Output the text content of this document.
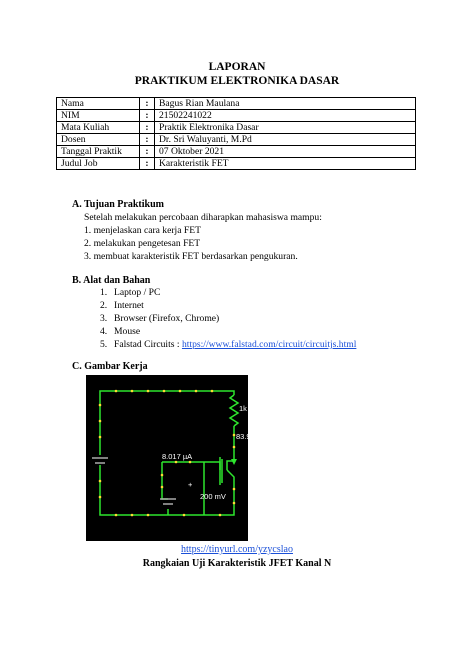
LAPORAN
PRAKTIKUM ELEKTRONIKA DASAR
Nama	:	Bagus Rian Maulana
NIM	:	21502241022
Mata Kuliah	:	Praktik Elektronika Dasar
Dosen	:	Dr. Sri Waluyanti, M.Pd
Tanggal Praktik	:	07 Oktober 2021
Judul Job	:	Karakteristik FET
A. Tujuan Praktikum
Setelah melakukan percobaan diharapkan mahasiswa mampu:
1. menjelaskan cara kerja FET
2. melakukan pengetesan FET
3. membuat karakteristik FET berdasarkan pengukuran.
B. Alat dan Bahan
1. Laptop / PC
2. Internet
3. Browser (Firefox, Chrome)
4. Mouse
5. Falstad Circuits : https://www.falstad.com/circuit/circuitjs.html
C. Gambar Kerja
1k
83.974 µA
8.017 µA
+
200 mV
https://tinyurl.com/yzycslao
Rangkaian Uji Karakteristik JFET Kanal N
